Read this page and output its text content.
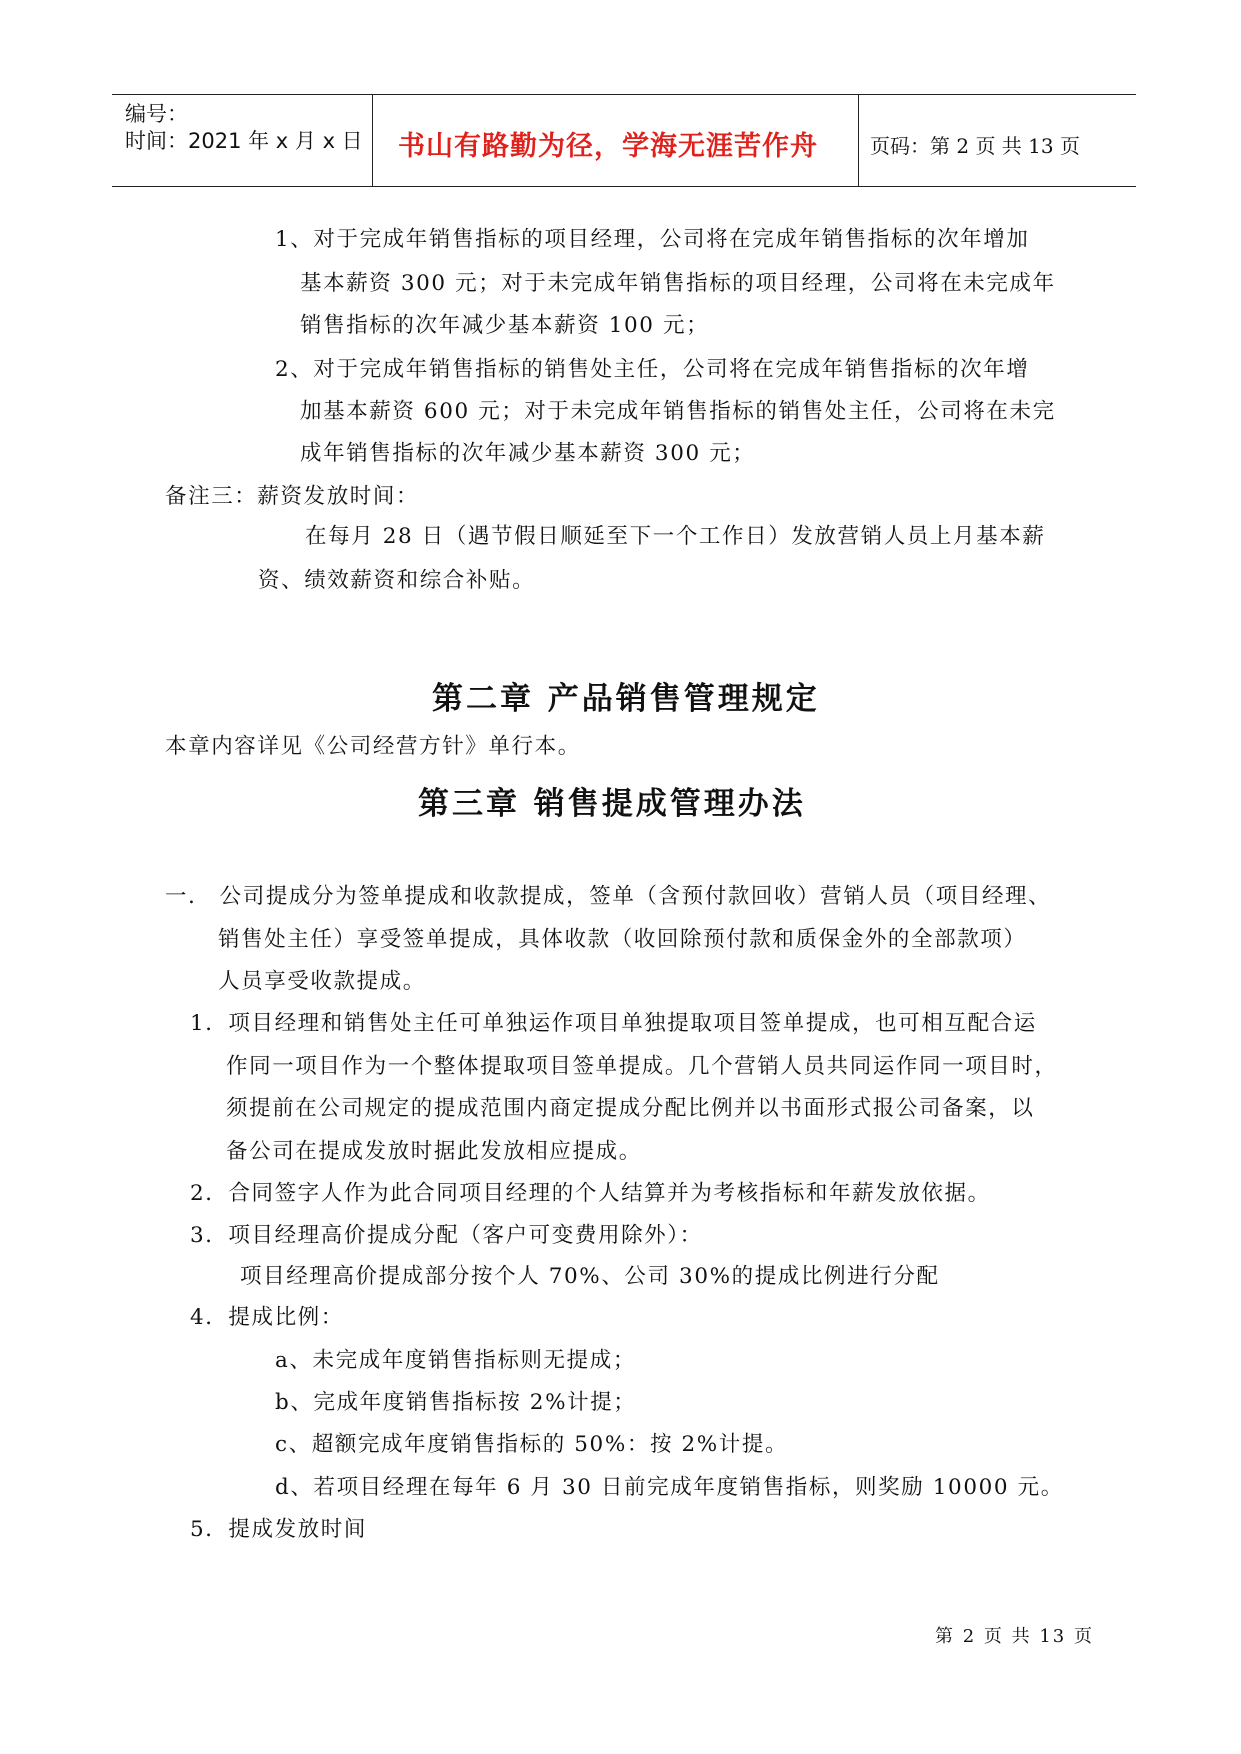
编号：
时间：2021 年 x 月 x 日 书山有路勤为径，学海无涯苦作舟	页码：第 2 页 共 13 页
1、对于完成年销售指标的项目经理，公司将在完成年销售指标的次年增加
基本薪资 300 元；对于未完成年销售指标的项目经理，公司将在未完成年
销售指标的次年减少基本薪资 100 元；
2、对于完成年销售指标的销售处主任，公司将在完成年销售指标的次年增
加基本薪资 600 元；对于未完成年销售指标的销售处主任，公司将在未完
成年销售指标的次年减少基本薪资 300 元；
备注三：薪资发放时间：
在每月 28 日（遇节假日顺延至下一个工作日）发放营销人员上月基本薪
资、绩效薪资和综合补贴。
第二章 产品销售管理规定
本章内容详见《公司经营方针》单行本。
第三章 销售提成管理办法
一． 公司提成分为签单提成和收款提成，签单（含预付款回收）营销人员（项目经理、
销售处主任）享受签单提成，具体收款（收回除预付款和质保金外的全部款项）
人员享受收款提成。
1．项目经理和销售处主任可单独运作项目单独提取项目签单提成，也可相互配合运
作同一项目作为一个整体提取项目签单提成。几个营销人员共同运作同一项目时，
须提前在公司规定的提成范围内商定提成分配比例并以书面形式报公司备案，以
备公司在提成发放时据此发放相应提成。
2．合同签字人作为此合同项目经理的个人结算并为考核指标和年薪发放依据。
3．项目经理高价提成分配（客户可变费用除外）：
项目经理高价提成部分按个人 70%、公司 30%的提成比例进行分配
4．提成比例：
a、未完成年度销售指标则无提成；
b、完成年度销售指标按 2%计提；
c、超额完成年度销售指标的 50%：按 2%计提。
d、若项目经理在每年 6 月 30 日前完成年度销售指标，则奖励 10000 元。
5．提成发放时间
第 2 页 共 13 页
